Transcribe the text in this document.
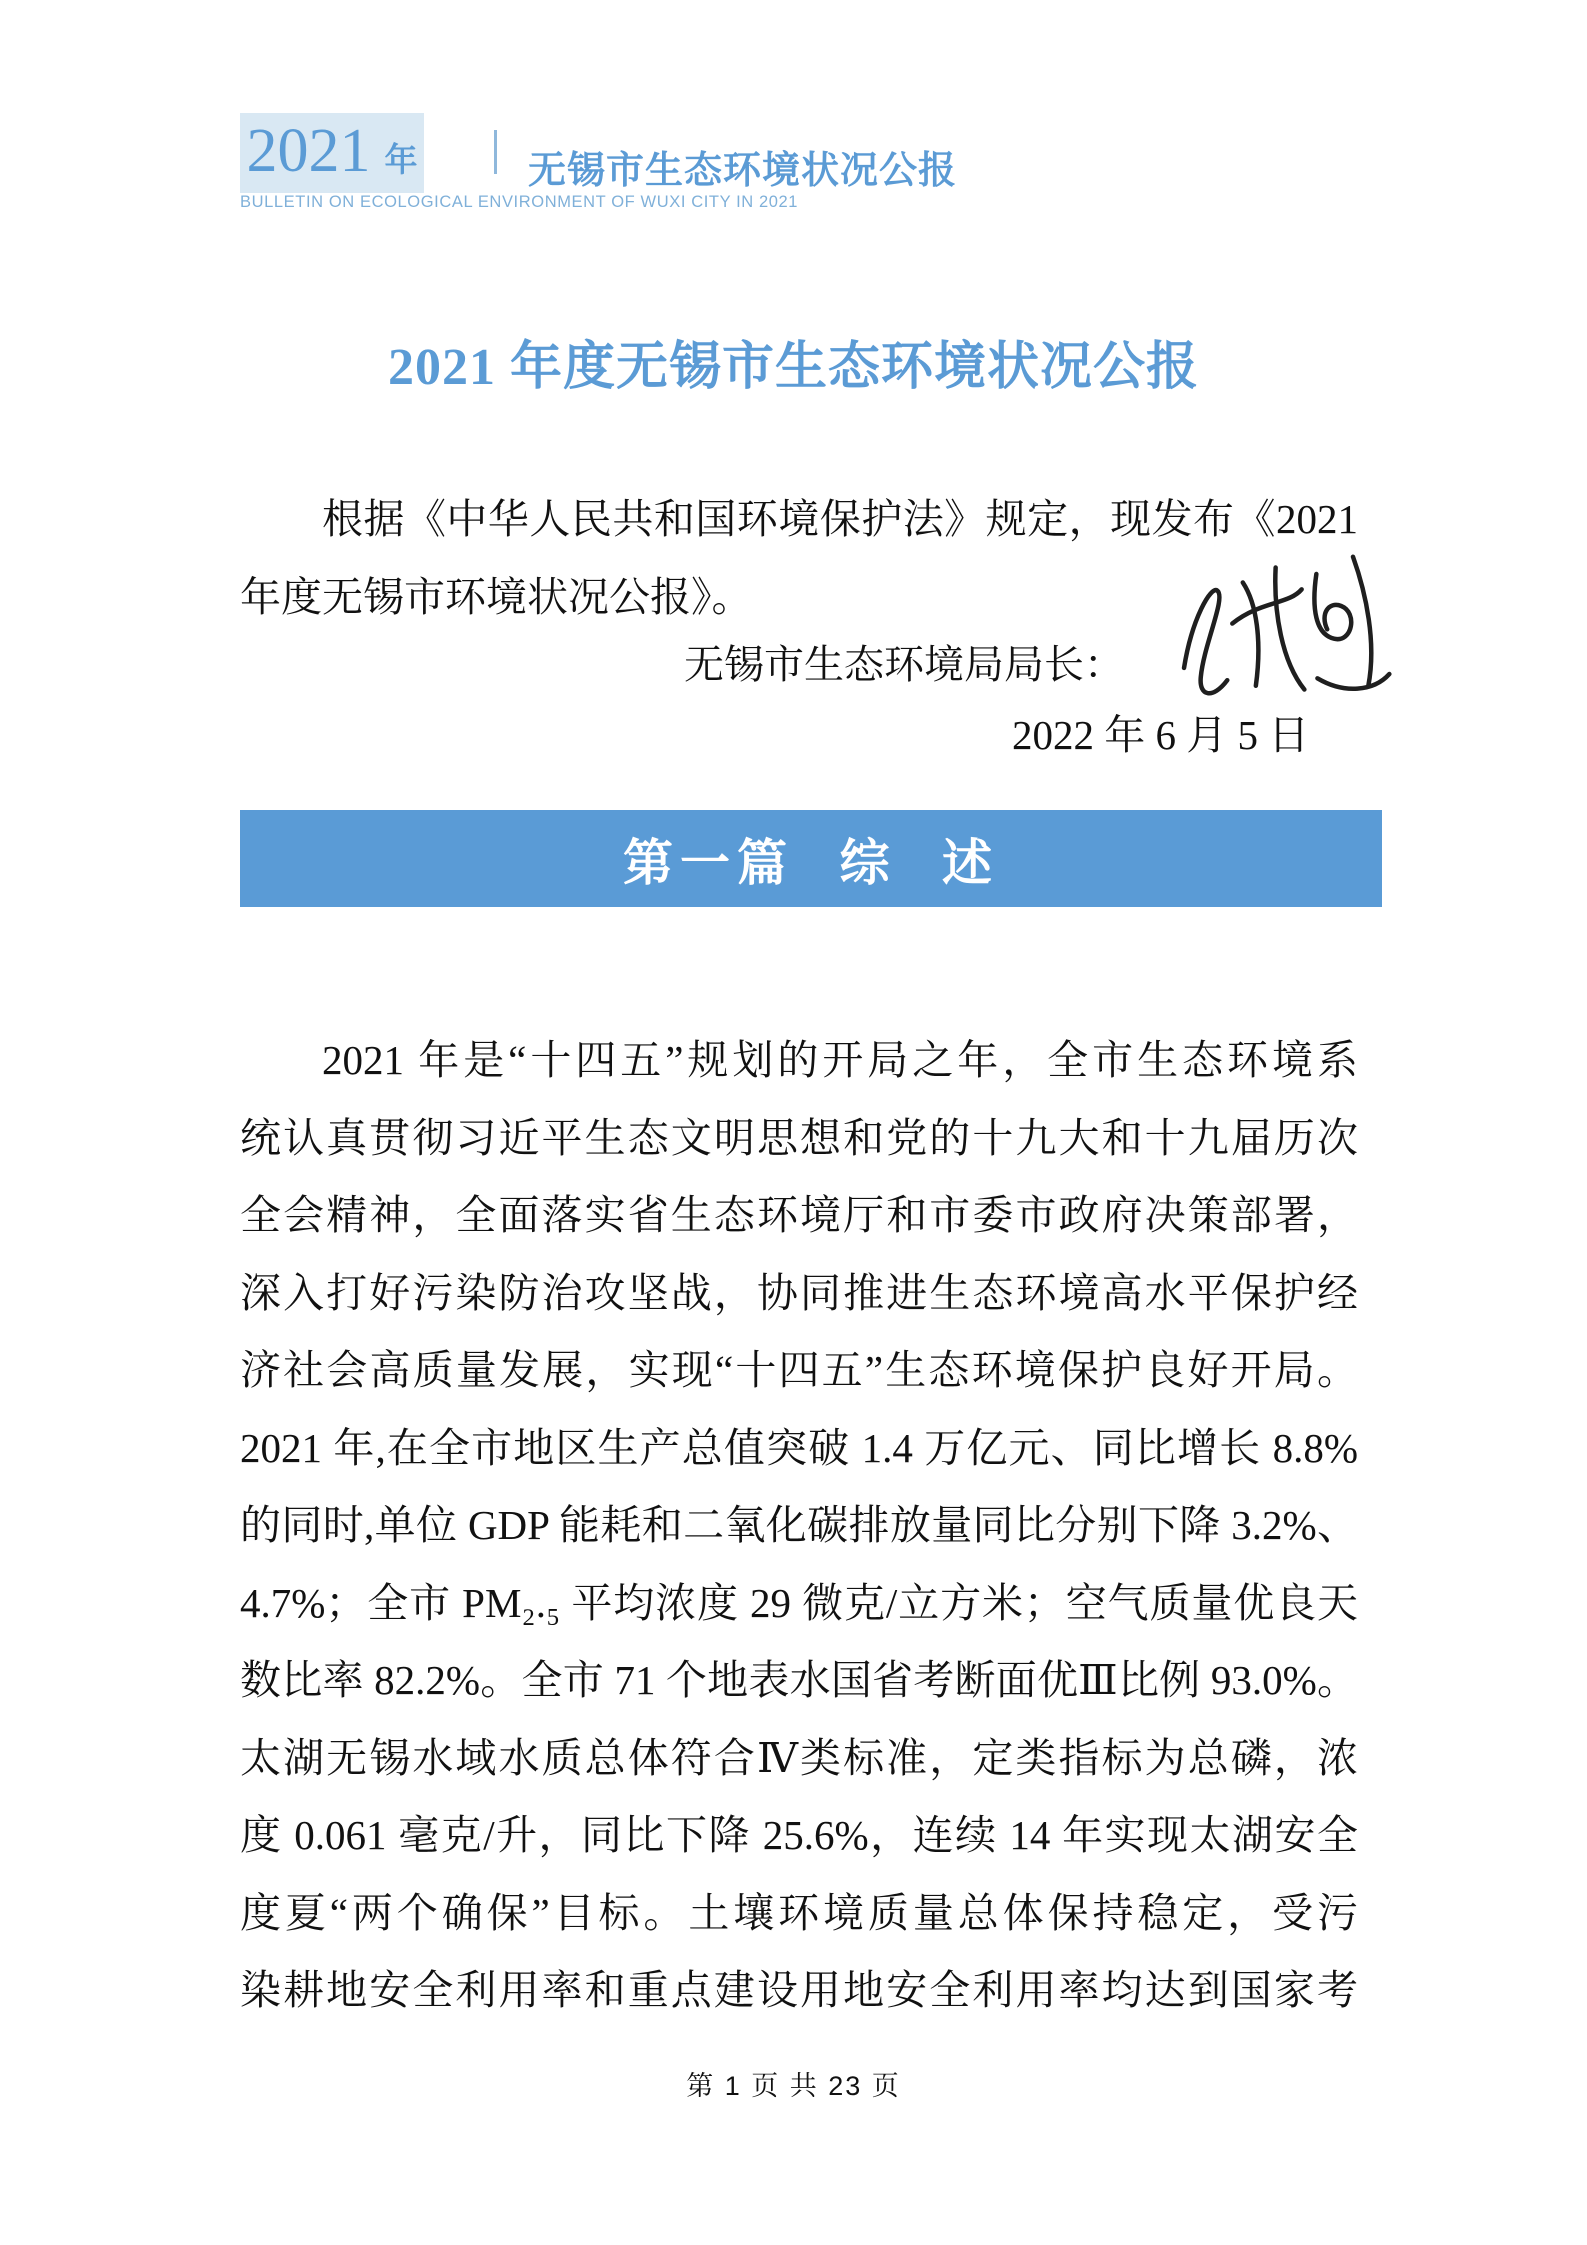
2021 年	无锡市生态环境状况公报
BULLETIN ON ECOLOGICAL ENVIRONMENT OF WUXI CITY IN 2021
2021 年度无锡市生态环境状况公报
根据《中华人民共和国环境保护法》规定，现发布《2021
年度无锡市环境状况公报》。
无锡市生态环境局局长：
2022 年 6 月 5 日
第一篇 综 述
2021 年是“十四五”规划的开局之年，全市生态环境系
统认真贯彻习近平生态文明思想和党的十九大和十九届历次
全会精神，全面落实省生态环境厅和市委市政府决策部署，
深入打好污染防治攻坚战，协同推进生态环境高水平保护经
济社会高质量发展，实现“十四五”生态环境保护良好开局。
2021 年,在全市地区生产总值突破 1.4 万亿元、同比增长 8.8%
的同时,单位 GDP 能耗和二氧化碳排放量同比分别下降 3.2%、
4.7%；全市 PM₂.₅ 平均浓度 29 微克/立方米；空气质量优良天
数比率 82.2%。全市 71 个地表水国省考断面优Ⅲ比例 93.0%。
太湖无锡水域水质总体符合Ⅳ类标准，定类指标为总磷，浓
度 0.061 毫克/升，同比下降 25.6%，连续 14 年实现太湖安全
度夏“两个确保”目标。土壤环境质量总体保持稳定，受污
染耕地安全利用率和重点建设用地安全利用率均达到国家考
第 1 页 共 23 页
